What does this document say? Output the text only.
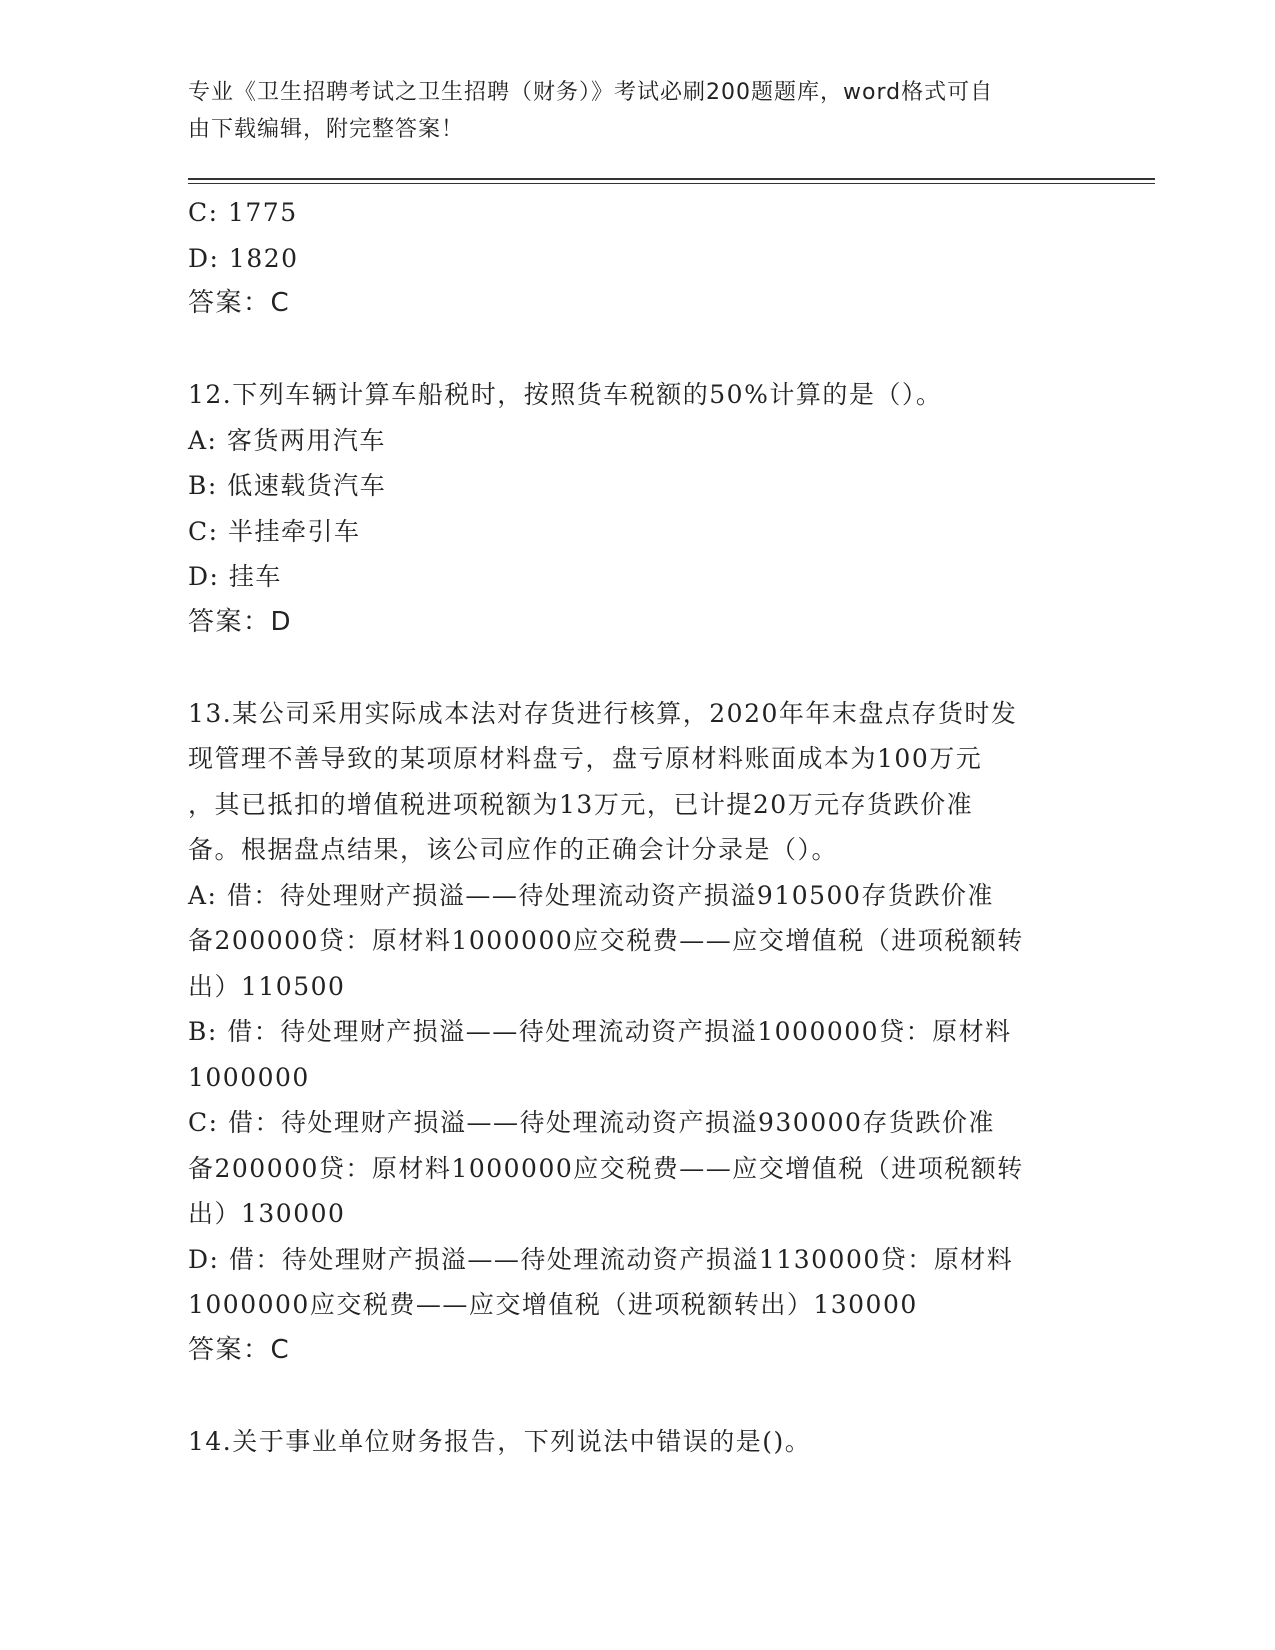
专业《卫生招聘考试之卫生招聘（财务）》考试必刷200题题库，word格式可自
由下载编辑，附完整答案！
C: 1775
D: 1820
答案：C
12.下列车辆计算车船税时，按照货车税额的50%计算的是（）。
A: 客货两用汽车
B: 低速载货汽车
C: 半挂牵引车
D: 挂车
答案：D
13.某公司采用实际成本法对存货进行核算，2020年年末盘点存货时发
现管理不善导致的某项原材料盘亏，盘亏原材料账面成本为100万元
，其已抵扣的增值税进项税额为13万元，已计提20万元存货跌价准
备。根据盘点结果，该公司应作的正确会计分录是（）。
A: 借：待处理财产损溢——待处理流动资产损溢910500存货跌价准
备200000贷：原材料1000000应交税费——应交增值税（进项税额转
出）110500
B: 借：待处理财产损溢——待处理流动资产损溢1000000贷：原材料
1000000
C: 借：待处理财产损溢——待处理流动资产损溢930000存货跌价准
备200000贷：原材料1000000应交税费——应交增值税（进项税额转
出）130000
D: 借：待处理财产损溢——待处理流动资产损溢1130000贷：原材料
1000000应交税费——应交增值税（进项税额转出）130000
答案：C
14.关于事业单位财务报告，下列说法中错误的是()。
